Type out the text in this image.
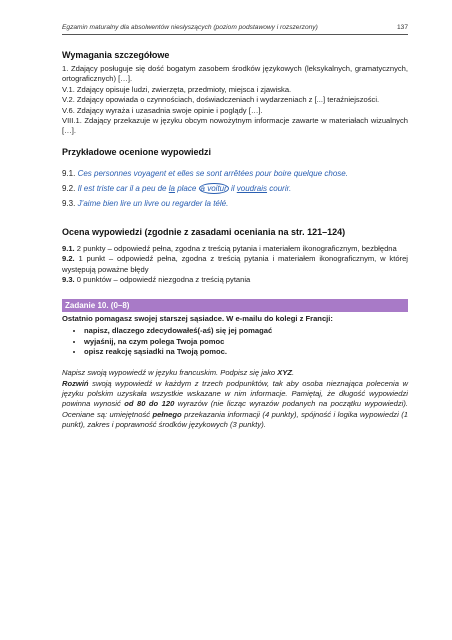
Egzamin maturalny dla absolwentów niesłyszących (poziom podstawowy i rozszerzony)	137
Wymagania szczegółowe

1. Zdający posługuje się dość bogatym zasobem środków językowych (leksykalnych, gramatycznych, ortograficznych) […].

V.1. Zdający opisuje ludzi, zwierzęta, przedmioty, miejsca i zjawiska.

V.2. Zdający opowiada o czynnościach, doświadczeniach i wydarzeniach z [...] teraźniejszości.

V.6. Zdający wyraża i uzasadnia swoje opinie i poglądy […].

VIII.1. Zdający przekazuje w języku obcym nowożytnym informacje zawarte w materiałach wizualnych […].

Przykładowe ocenione wypowiedzi

9.1. Ces personnes voyagent et elles se sont arrêtées pour boire quelque chose.

9.2. Il est triste car il a peu de la place a voitur il voudrais courir.

9.3. J’aime bien lire un livre ou regarder la télé.

Ocena wypowiedzi (zgodnie z zasadami oceniania na str. 121–124)

9.1. 2 punkty – odpowiedź pełna, zgodna z treścią pytania i materiałem ikonograficznym, bezbłędna

9.2. 1 punkt – odpowiedź pełna, zgodna z treścią pytania i materiałem ikonograficznym, w której występują poważne błędy

9.3. 0 punktów – odpowiedź niezgodna z treścią pytania

Zadanie 10. (0–8)
Ostatnio pomagasz swojej starszej sąsiadce. W e-mailu do kolegi z Francji:
• napisz, dlaczego zdecydowałeś(-aś) się jej pomagać
• wyjaśnij, na czym polega Twoja pomoc
• opisz reakcję sąsiadki na Twoją pomoc.

Napisz swoją wypowiedź w języku francuskim. Podpisz się jako XYZ.

Rozwiń swoją wypowiedź w każdym z trzech podpunktów, tak aby osoba nieznająca polecenia w języku polskim uzyskała wszystkie wskazane w nim informacje. Pamiętaj, że długość wypowiedzi powinna wynosić od 80 do 120 wyrazów (nie licząc wyrazów podanych na początku wypowiedzi). Oceniane są: umiejętność pełnego przekazania informacji (4 punkty), spójność i logika wypowiedzi (1 punkt), zakres i poprawność środków językowych (3 punkty).
